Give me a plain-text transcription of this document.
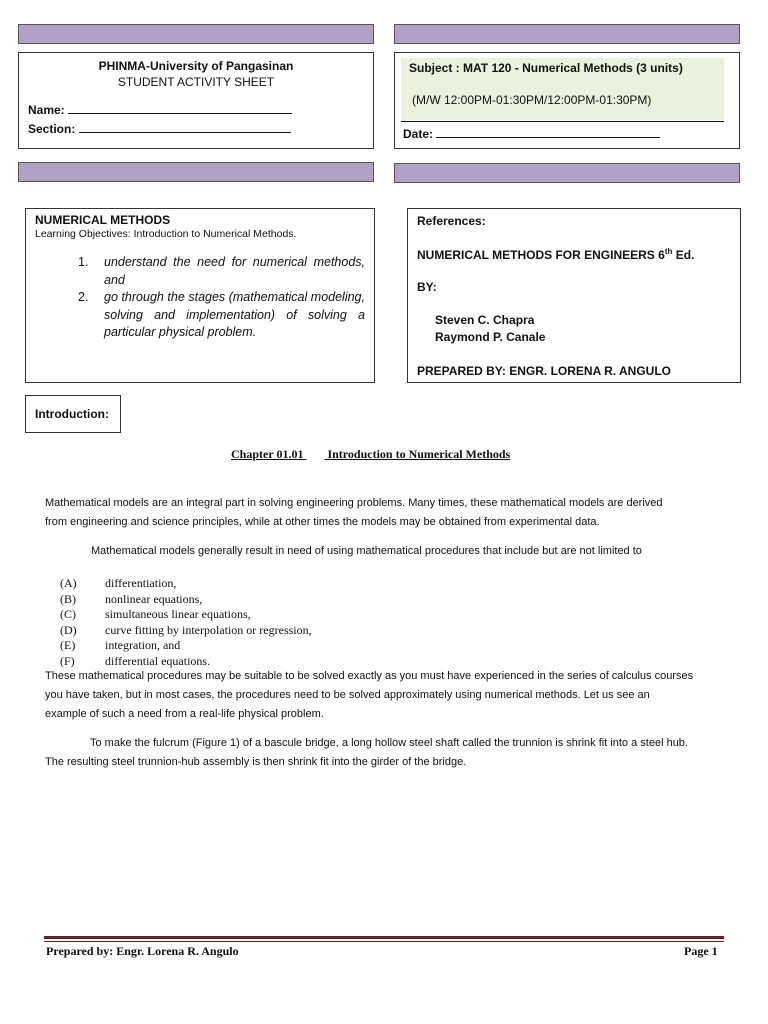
PHINMA-University of Pangasinan
STUDENT ACTIVITY SHEET
Name:
Section:
Subject : MAT 120 - Numerical Methods (3 units)
(M/W 12:00PM-01:30PM/12:00PM-01:30PM)
Date:
NUMERICAL METHODS
Learning Objectives: Introduction to Numerical Methods.
1.	understand the need for numerical methods, and
2.	go through the stages (mathematical modeling, solving and implementation) of solving a particular physical problem.
References:
NUMERICAL METHODS FOR ENGINEERS 6th Ed.
BY:
Steven C. Chapra
Raymond P. Canale
PREPARED BY: ENGR. LORENA R. ANGULO
Introduction:
Chapter 01.01 Introduction to Numerical Methods
Mathematical models are an integral part in solving engineering problems. Many times, these mathematical models are derived
from engineering and science principles, while at other times the models may be obtained from experimental data.
Mathematical models generally result in need of using mathematical procedures that include but are not limited to
(A)	differentiation,
(B)	nonlinear equations,
(C)	simultaneous linear equations,
(D)	curve fitting by interpolation or regression,
(E)	integration, and
(F)	differential equations.
These mathematical procedures may be suitable to be solved exactly as you must have experienced in the series of calculus courses
you have taken, but in most cases, the procedures need to be solved approximately using numerical methods. Let us see an
example of such a need from a real-life physical problem.
To make the fulcrum (Figure 1) of a bascule bridge, a long hollow steel shaft called the trunnion is shrink fit into a steel hub.
The resulting steel trunnion-hub assembly is then shrink fit into the girder of the bridge.
Prepared by: Engr. Lorena R. Angulo	Page 1
